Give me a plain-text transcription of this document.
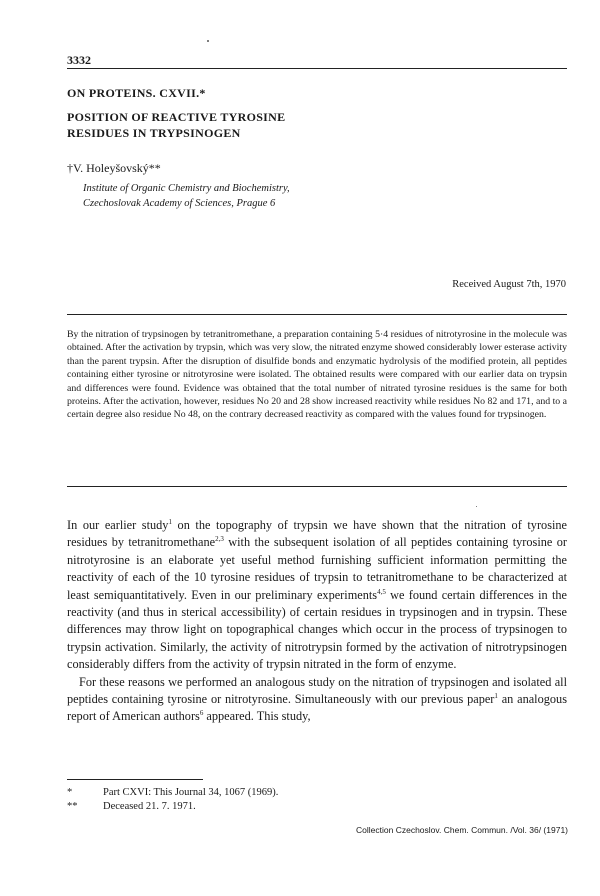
3332
ON PROTEINS. CXVII.*
POSITION OF REACTIVE TYROSINE
RESIDUES IN TRYPSINOGEN
†V. Holeyšovský**
Institute of Organic Chemistry and Biochemistry,
Czechoslovak Academy of Sciences, Prague 6
Received August 7th, 1970

By the nitration of trypsinogen by tetranitromethane, a preparation containing 5·4 residues of nitrotyrosine in the molecule was obtained. After the activation by trypsin, which was very slow, the nitrated enzyme showed considerably lower esterase activity than the parent trypsin. After the disruption of disulfide bonds and enzymatic hydrolysis of the modified protein, all peptides containing either tyrosine or nitrotyrosine were isolated. The obtained results were compared with our earlier data on trypsin and differences were found. Evidence was obtained that the total number of nitrated tyrosine residues is the same for both proteins. After the activation, however, residues No 20 and 28 show increased reactivity while residues No 82 and 171, and to a certain degree also residue No 48, on the contrary decreased reactivity as compared with the values found for trypsinogen.

In our earlier study$^1$ on the topography of trypsin we have shown that the nitration of tyrosine residues by tetranitromethane$^{2,3}$ with the subsequent isolation of all peptides containing tyrosine or nitrotyrosine is an elaborate yet useful method furnishing sufficient information permitting the reactivity of each of the 10 tyrosine residues of trypsin to tetranitromethane to be characterized at least semiquantitatively. Even in our preliminary experiments$^{4,5}$ we found certain differences in the reactivity (and thus in sterical accessibility) of certain residues in trypsinogen and in trypsin. These differences may throw light on topographical changes which occur in the process of trypsinogen to trypsin activation. Similarly, the activity of nitrotrypsin formed by the activation of nitrotrypsinogen considerably differs from the activity of trypsin nitrated in the form of enzyme.

For these reasons we performed an analogous study on the nitration of trypsinogen and isolated all peptides containing tyrosine or nitrotyrosine. Simultaneously with our previous paper$^1$ an analogous report of American authors$^6$ appeared. This study,

*	Part CXVI: This Journal 34, 1067 (1969).
**	Deceased 21. 7. 1971.
Collection Czechoslov. Chem. Commun. /Vol. 36/ (1971)
